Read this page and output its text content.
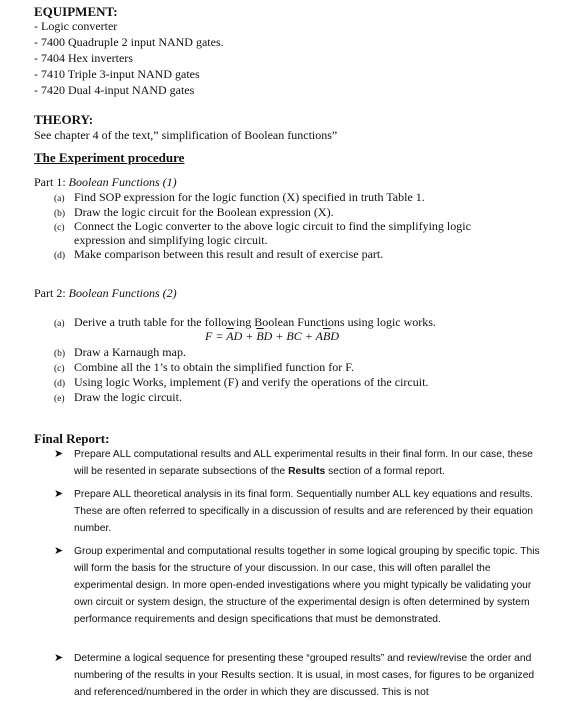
EQUIPMENT:
- Logic converter
- 7400 Quadruple 2 input NAND gates.
- 7404 Hex inverters
- 7410 Triple 3-input NAND gates
- 7420 Dual 4-input NAND gates
THEORY:
See chapter 4 of the text,” simplification of Boolean functions”
The Experiment procedure
Part 1: Boolean Functions (1)
(a) Find SOP expression for the logic function (X) specified in truth Table 1.
(b) Draw the logic circuit for the Boolean expression (X).
(c) Connect the Logic converter to the above logic circuit to find the simplifying logic
expression and simplifying logic circuit.
(d) Make comparison between this result and result of exercise part.
Part 2: Boolean Functions (2)
(a) Derive a truth table for the following Boolean Functions using logic works.
$F = \overline{A}D + \overline{B}D$ + BC + $A\overline{B}D$
(b) Draw a Karnaugh map.
(c) Combine all the 1’s to obtain the simplified function for F.
(d) Using logic Works, implement (F) and verify the operations of the circuit.
(e) Draw the logic circuit.
Final Report:
➤ Prepare ALL computational results and ALL experimental results in their final form. In our case, these will be resented in separate subsections of the Results section of a formal report.
➤ Prepare ALL theoretical analysis in its final form. Sequentially number ALL key equations and results. These are often referred to specifically in a discussion of results and are referenced by their equation number.
➤ Group experimental and computational results together in some logical grouping by specific topic. This will form the basis for the structure of your discussion. In our case, this will often parallel the experimental design. In more open-ended investigations where you might typically be validating your own circuit or system design, the structure of the experimental design is often determined by system performance requirements and design specifications that must be demonstrated.
➤ Determine a logical sequence for presenting these “grouped results” and review/revise the order and numbering of the results in your Results section. It is usual, in most cases, for figures to be organized and referenced/numbered in the order in which they are discussed. This is not
